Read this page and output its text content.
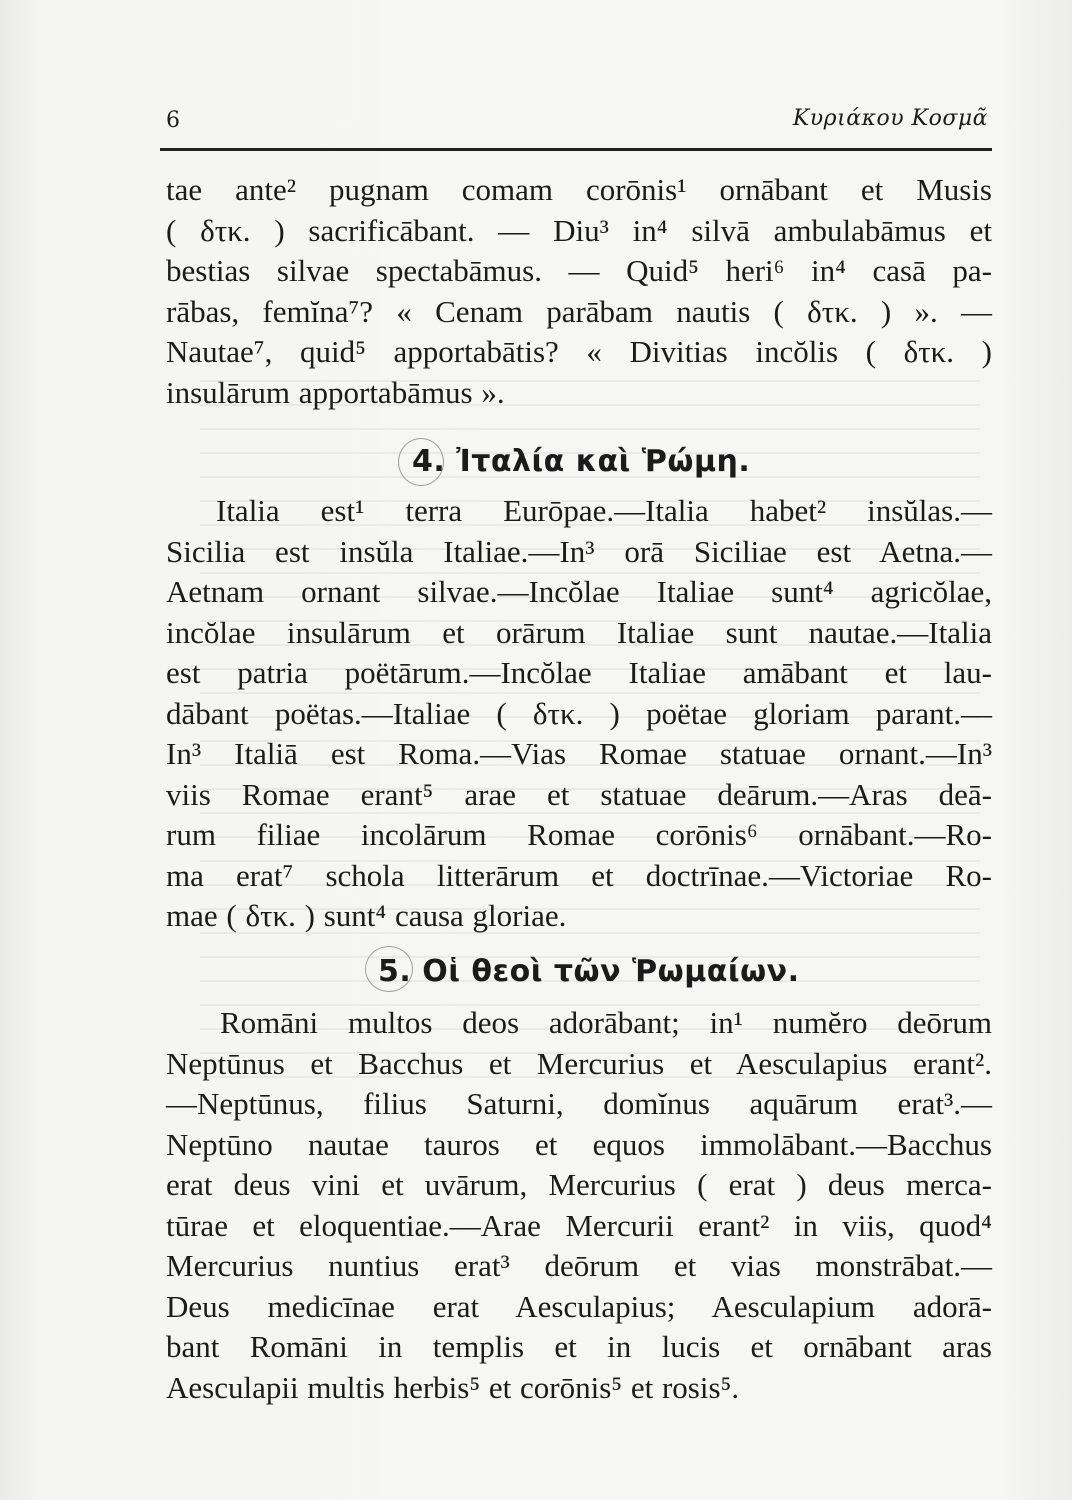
6	Κυριάκου Κοσμᾶ
tae ante² pugnam comam corōnis¹ ornābant et Musis
( δτκ. ) sacrificābant. — Diu³ in⁴ silvā ambulabāmus et
bestias silvae spectabāmus. — Quid⁵ heri⁶ in⁴ casā pa-
rābas, femĭna⁷? « Cenam parābam nautis ( δτκ. ) ». —
Nautae⁷, quid⁵ apportabātis? « Divitias incŏlis ( δτκ. )
insulārum apportabāmus ».
4. Ἰταλία καὶ Ῥώμη.
Italia est¹ terra Eurōpae.—Italia habet² insŭlas.—
Sicilia est insŭla Italiae.—In³ orā Siciliae est Aetna.—
Aetnam ornant silvae.—Incŏlae Italiae sunt⁴ agricŏlae,
incŏlae insulārum et orārum Italiae sunt nautae.—Italia
est patria poëtārum.—Incŏlae Italiae amābant et lau-
dābant poëtas.—Italiae ( δτκ. ) poëtae gloriam parant.—
In³ Italiā est Roma.—Vias Romae statuae ornant.—In³
viis Romae erant⁵ arae et statuae deārum.—Aras deā-
rum filiae incolārum Romae corōnis⁶ ornābant.—Ro-
ma erat⁷ schola litterārum et doctrīnae.—Victoriae Ro-
mae ( δτκ. ) sunt⁴ causa gloriae.
5. Οἱ θεοὶ τῶν Ῥωμαίων.
Romāni multos deos adorābant; in¹ numĕro deōrum
Neptūnus et Bacchus et Mercurius et Aesculapius erant².
—Neptūnus, filius Saturni, domĭnus aquārum erat³.—
Neptūno nautae tauros et equos immolābant.—Bacchus
erat deus vini et uvārum, Mercurius ( erat ) deus merca-
tūrae et eloquentiae.—Arae Mercurii erant² in viis, quod⁴
Mercurius nuntius erat³ deōrum et vias monstrābat.—
Deus medicīnae erat Aesculapius; Aesculapium adorā-
bant Romāni in templis et in lucis et ornābant aras
Aesculapii multis herbis⁵ et corōnis⁵ et rosis⁵.
